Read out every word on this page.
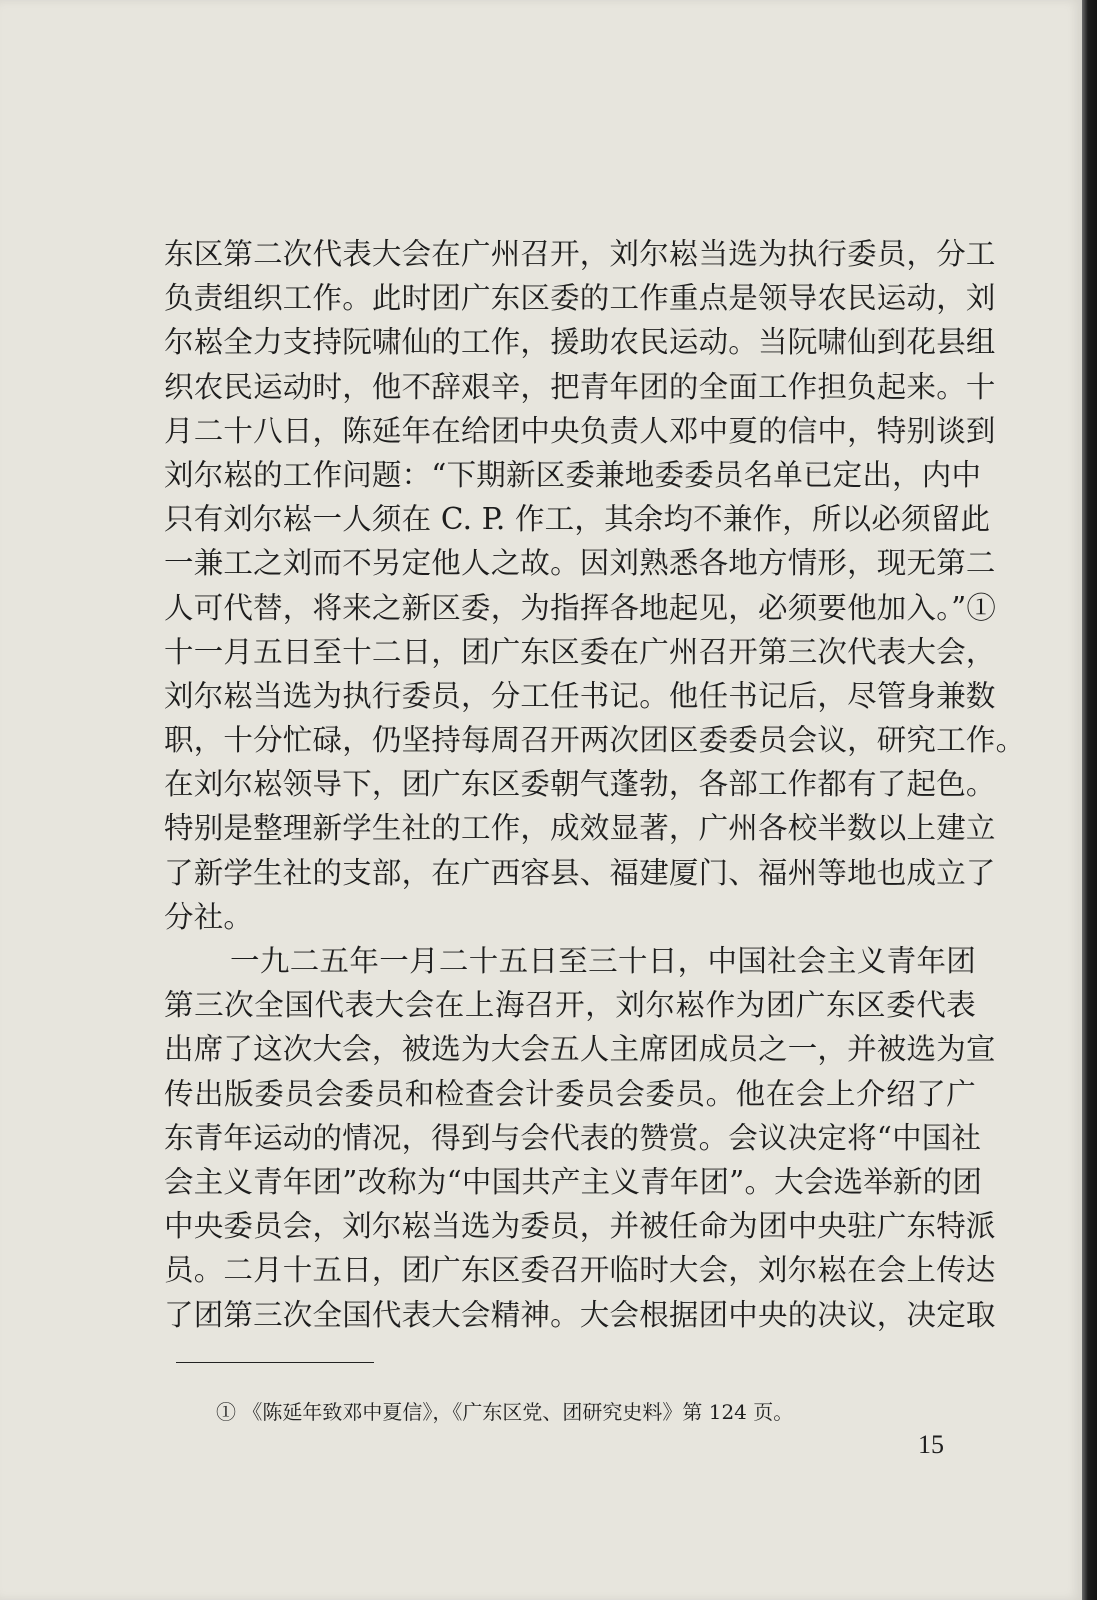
东区第二次代表大会在广州召开，刘尔崧当选为执行委员，分工
负责组织工作。此时团广东区委的工作重点是领导农民运动，刘
尔崧全力支持阮啸仙的工作，援助农民运动。当阮啸仙到花县组
织农民运动时，他不辞艰辛，把青年团的全面工作担负起来。十
月二十八日，陈延年在给团中央负责人邓中夏的信中，特别谈到
刘尔崧的工作问题：“下期新区委兼地委委员名单已定出，内中
只有刘尔崧一人须在 C. P. 作工，其余均不兼作，所以必须留此
一兼工之刘而不另定他人之故。因刘熟悉各地方情形，现无第二
人可代替，将来之新区委，为指挥各地起见，必须要他加入。”①
十一月五日至十二日，团广东区委在广州召开第三次代表大会，
刘尔崧当选为执行委员，分工任书记。他任书记后，尽管身兼数
职，十分忙碌，仍坚持每周召开两次团区委委员会议，研究工作。
在刘尔崧领导下，团广东区委朝气蓬勃，各部工作都有了起色。
特别是整理新学生社的工作，成效显著，广州各校半数以上建立
了新学生社的支部，在广西容县、福建厦门、福州等地也成立了
分社。
一九二五年一月二十五日至三十日，中国社会主义青年团
第三次全国代表大会在上海召开，刘尔崧作为团广东区委代表
出席了这次大会，被选为大会五人主席团成员之一，并被选为宣
传出版委员会委员和检查会计委员会委员。他在会上介绍了广
东青年运动的情况，得到与会代表的赞赏。会议决定将“中国社
会主义青年团”改称为“中国共产主义青年团”。大会选举新的团
中央委员会，刘尔崧当选为委员，并被任命为团中央驻广东特派
员。二月十五日，团广东区委召开临时大会，刘尔崧在会上传达
了团第三次全国代表大会精神。大会根据团中央的决议，决定取
① 《陈延年致邓中夏信》，《广东区党、团研究史料》第 124 页。
15
